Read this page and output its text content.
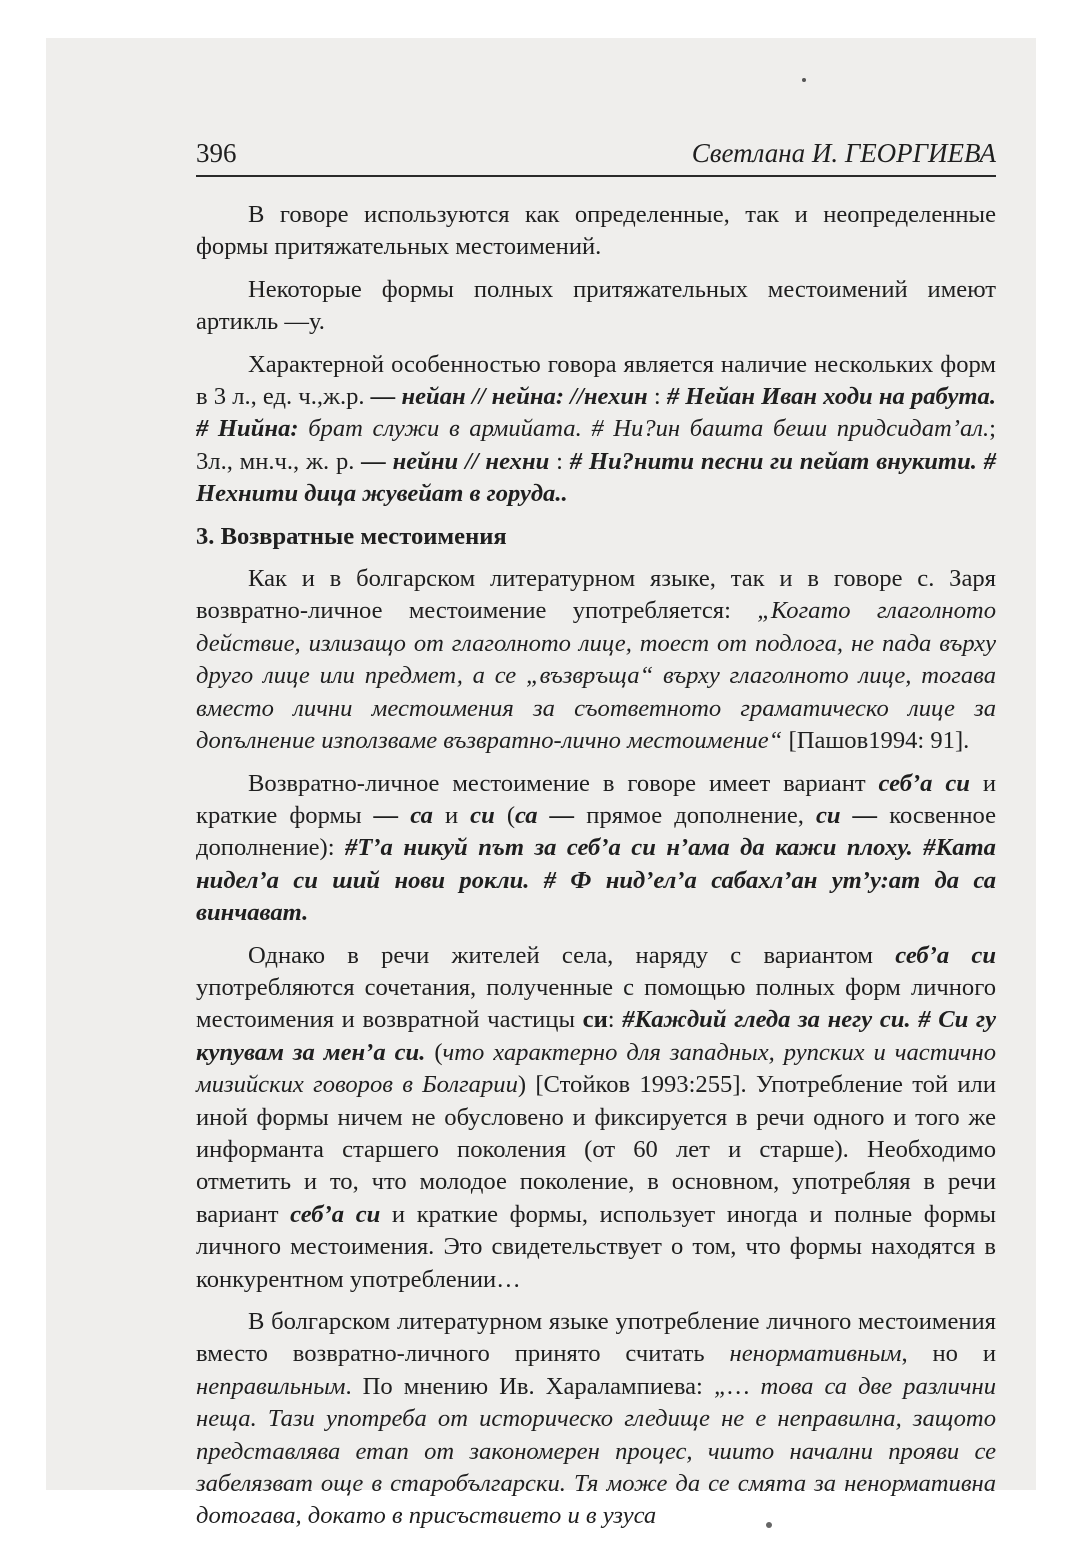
396	Светлана И. ГЕОРГИЕВА

В говоре используются как определенные, так и неопределенные формы притяжательных местоимений.

Некоторые формы полных притяжательных местоимений имеют артикль —у.

Характерной особенностью говора является наличие нескольких форм в 3 л., ед. ч.,ж.р. — нейан // нейна: //нехин : # Нейан Иван ходи на рабута. # Нийна: брат служи в армийата. # Ни?ин башта беши придсидат’ал.; 3л., мн.ч., ж. р. — нейни // нехни : # Ни?нити песни ги пейат внукити. # Нехнити дица жувейат в горуда..

3. Возвратные местоимения

Как и в болгарском литературном языке, так и в говоре с. Заря возвратно-личное местоимение употребляется: „Когато глаголното действие, излизащо от глаголното лице, тоест от подлога, не пада върху друго лице или предмет, а се „възвръща“ върху глаголното лице, тогава вместо лични местоимения за съответното граматическо лице за допълнение използваме възвратно-лично местоимение“ [Пашов1994: 91].

Возвратно-личное местоимение в говоре имеет вариант себ’а си и краткие формы — са и си (са — прямое дополнение, си — косвенное дополнение): #Т’а никуй път за себ’а си н’ама да кажи плоху. #Ката нидел’а си ший нови рокли. # Ф нид’ел’а сабахл’ан ут’у:ат да са винчават.

Однако в речи жителей села, наряду с вариантом себ’а си употребляются сочетания, полученные с помощью полных форм личного местоимения и возвратной частицы си: #Каждий гледа за негу си. # Си гу купувам за мен’а си. (что характерно для западных, рупских и частично мизийских говоров в Болгарии) [Стойков 1993:255]. Употребление той или иной формы ничем не обусловено и фиксируется в речи одного и того же информанта старшего поколения (от 60 лет и старше). Необходимо отметить и то, что молодое поколение, в основном, употребляя в речи вариант себ’а си и краткие формы, использует иногда и полные формы личного местоимения. Это свидетельствует о том, что формы находятся в конкурентном употреблении…

В болгарском литературном языке употребление личного местоимения вместо возвратно-личного принято считать ненормативным, но и неправильным. По мнению Ив. Харалампиева: „… това са две различни неща. Тази употреба от историческо гледище не е неправилна, защото представлява етап от закономерен процес, чиито начални прояви се забелязват още в старобългарски. Тя може да се смята за ненормативна дотогава, докато в присъствието и в узуса
